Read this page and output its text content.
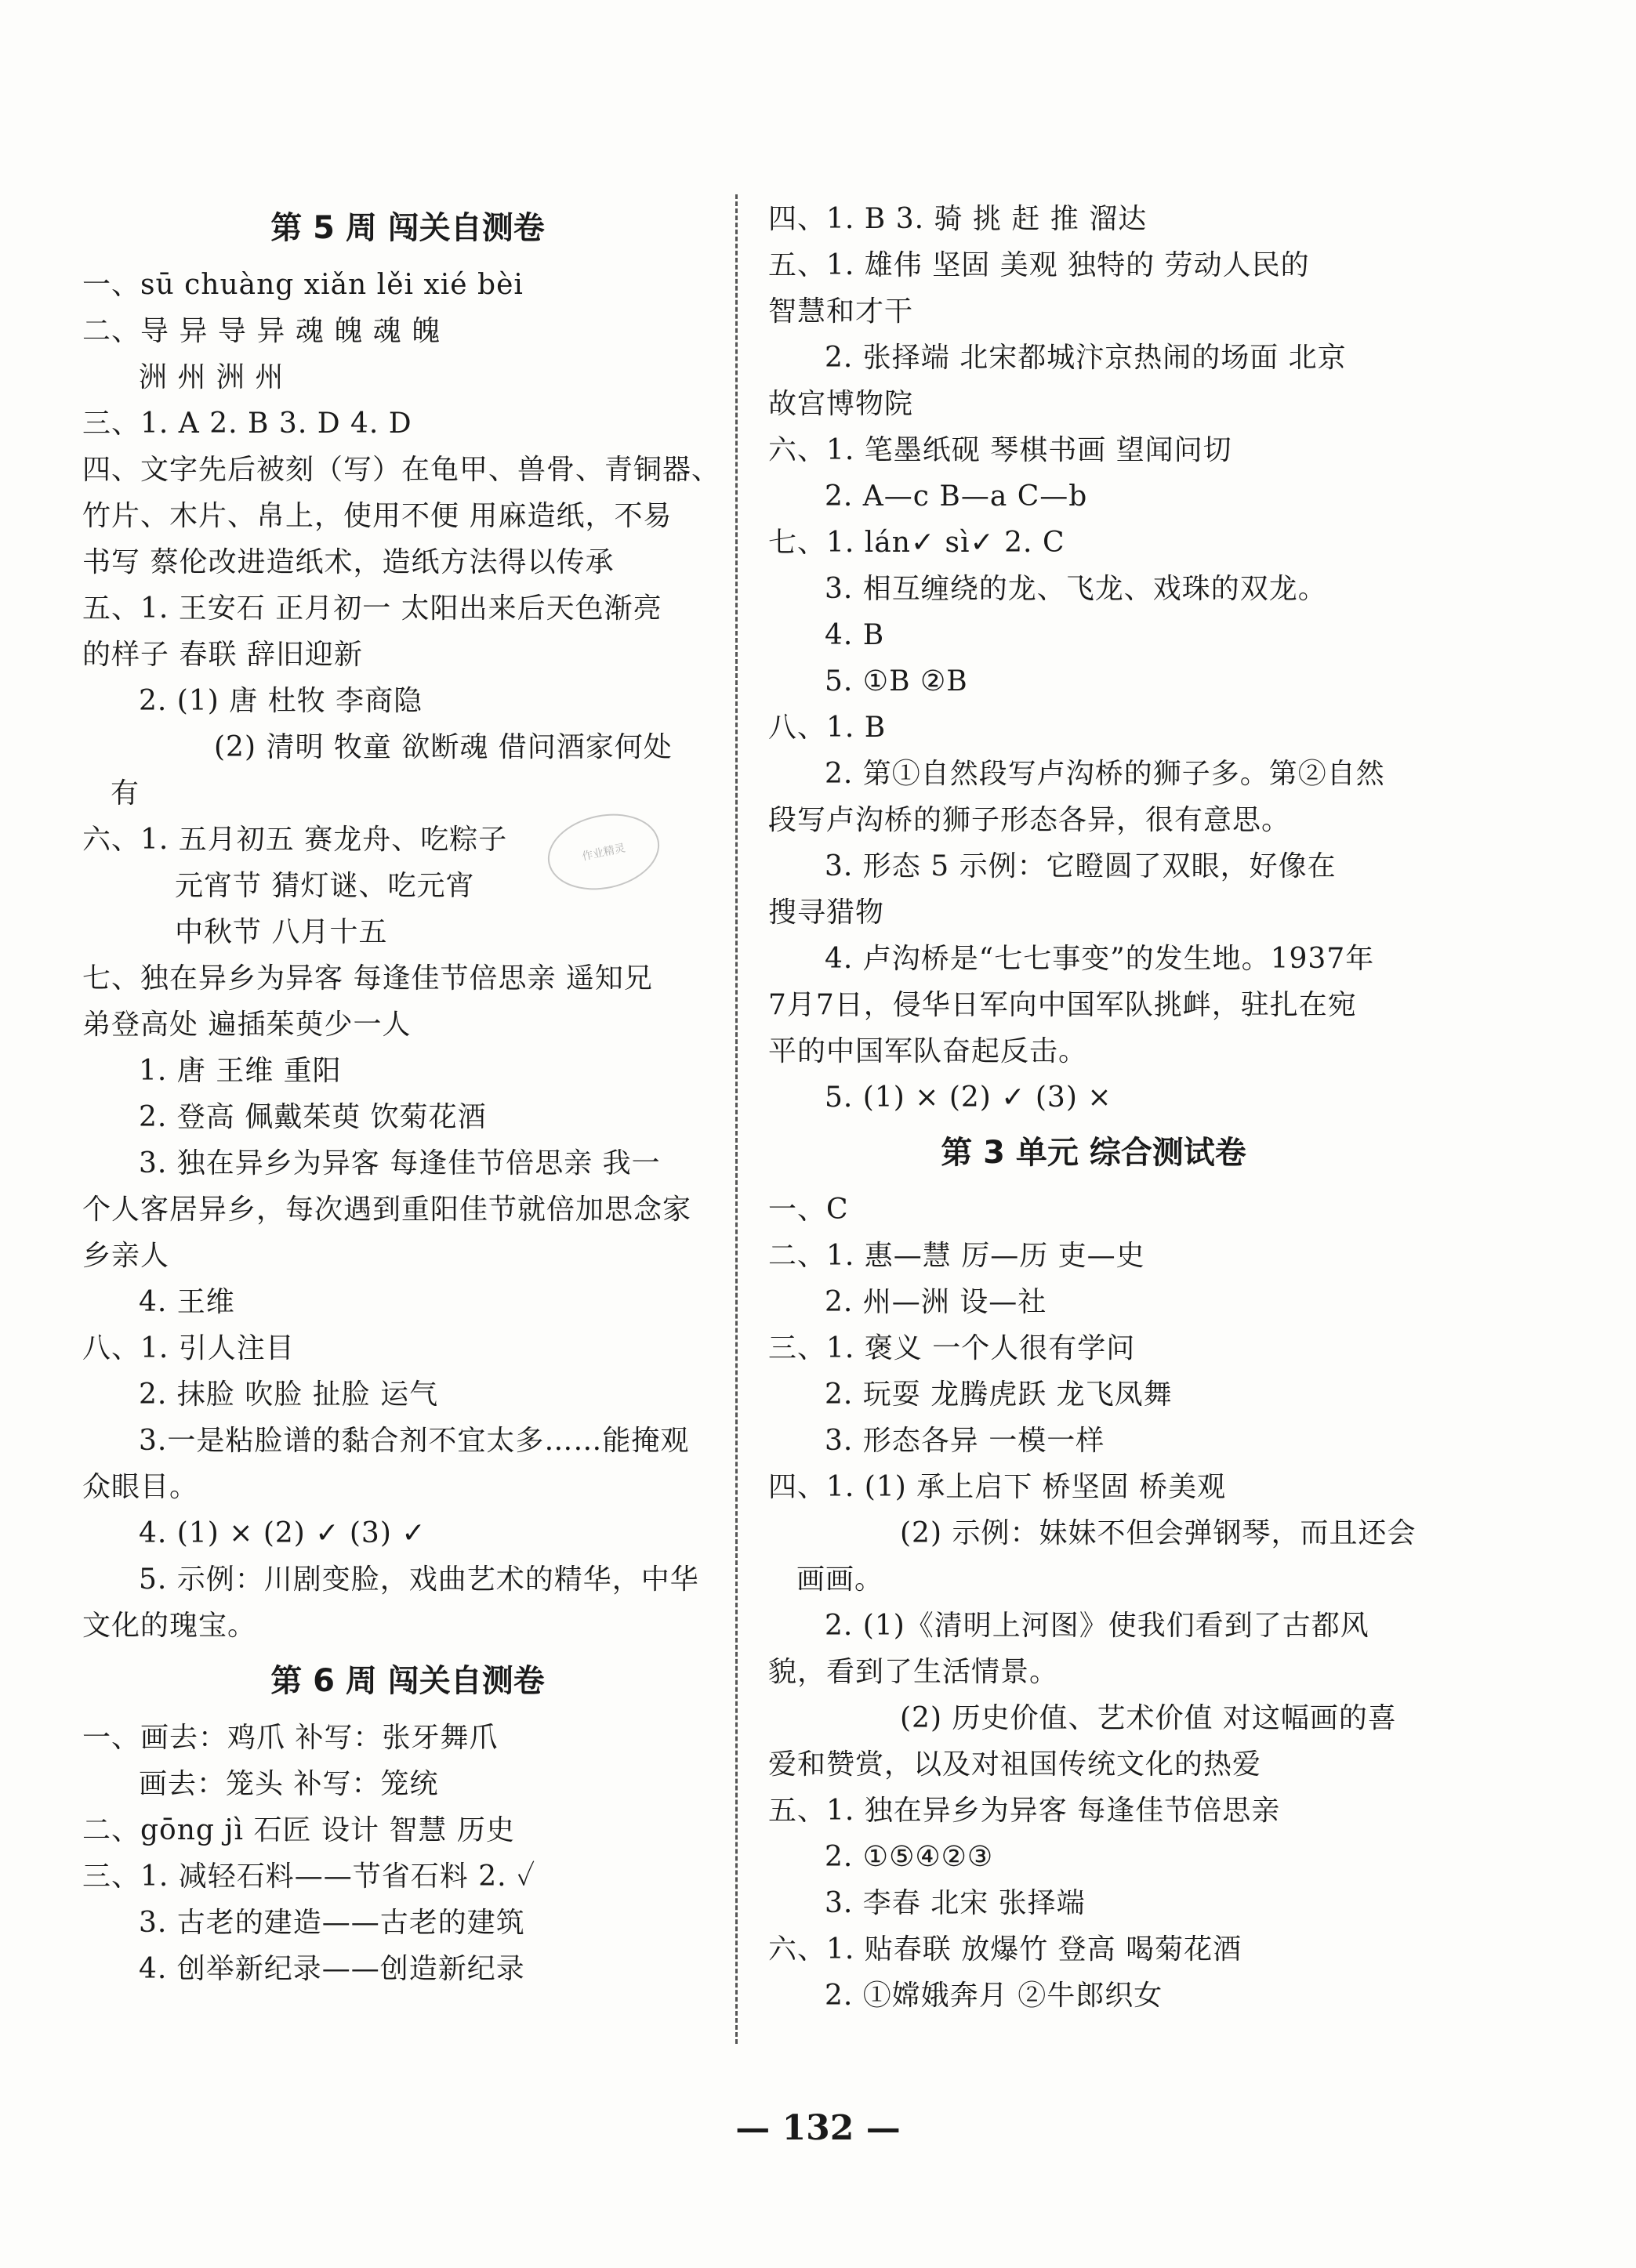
第 5 周 闯关自测卷
一、sū chuàng xiǎn lěi xié bèi
二、导 异 导 异 魂 魄 魂 魄
洲 州 洲 州
三、1. A 2. B 3. D 4. D
四、文字先后被刻（写）在龟甲、兽骨、青铜器、
竹片、木片、帛上，使用不便 用麻造纸，不易
书写 蔡伦改进造纸术，造纸方法得以传承
五、1. 王安石 正月初一 太阳出来后天色渐亮
的样子 春联 辞旧迎新
2. (1) 唐 杜牧 李商隐
(2) 清明 牧童 欲断魂 借问酒家何处
有
六、1. 五月初五 赛龙舟、吃粽子
元宵节 猜灯谜、吃元宵
中秋节 八月十五
七、独在异乡为异客 每逢佳节倍思亲 遥知兄
弟登高处 遍插茱萸少一人
1. 唐 王维 重阳
2. 登高 佩戴茱萸 饮菊花酒
3. 独在异乡为异客 每逢佳节倍思亲 我一
个人客居异乡，每次遇到重阳佳节就倍加思念家
乡亲人
4. 王维
八、1. 引人注目
2. 抹脸 吹脸 扯脸 运气
3.一是粘脸谱的黏合剂不宜太多……能掩观
众眼目。
4. (1) × (2) ✓ (3) ✓
5. 示例：川剧变脸，戏曲艺术的精华，中华
文化的瑰宝。
第 6 周 闯关自测卷
一、画去：鸡爪 补写：张牙舞爪
画去：笼头 补写：笼统
二、gōng jì 石匠 设计 智慧 历史
三、1. 减轻石料——节省石料 2. ✓
3. 古老的建造——古老的建筑
4. 创举新纪录——创造新纪录
作业精灵
四、1. B 3. 骑 挑 赶 推 溜达
五、1. 雄伟 坚固 美观 独特的 劳动人民的
智慧和才干
2. 张择端 北宋都城汴京热闹的场面 北京
故宫博物院
六、1. 笔墨纸砚 琴棋书画 望闻问切
2. A—c B—a C—b
七、1. lán✓ sì✓ 2. C
3. 相互缠绕的龙、飞龙、戏珠的双龙。
4. B
5. ①B ②B
八、1. B
2. 第①自然段写卢沟桥的狮子多。第②自然
段写卢沟桥的狮子形态各异，很有意思。
3. 形态 5 示例：它瞪圆了双眼，好像在
搜寻猎物
4. 卢沟桥是“七七事变”的发生地。1937年
7月7日，侵华日军向中国军队挑衅，驻扎在宛
平的中国军队奋起反击。
5. (1) × (2) ✓ (3) ×
第 3 单元 综合测试卷
一、C
二、1. 惠—慧 厉—历 吏—史
2. 州—洲 设—社
三、1. 褒义 一个人很有学问
2. 玩耍 龙腾虎跃 龙飞凤舞
3. 形态各异 一模一样
四、1. (1) 承上启下 桥坚固 桥美观
(2) 示例：妹妹不但会弹钢琴，而且还会
画画。
2. (1)《清明上河图》使我们看到了古都风
貌，看到了生活情景。
(2) 历史价值、艺术价值 对这幅画的喜
爱和赞赏，以及对祖国传统文化的热爱
五、1. 独在异乡为异客 每逢佳节倍思亲
2. ①⑤④②③
3. 李春 北宋 张择端
六、1. 贴春联 放爆竹 登高 喝菊花酒
2. ①嫦娥奔月 ②牛郎织女
— 132 —
